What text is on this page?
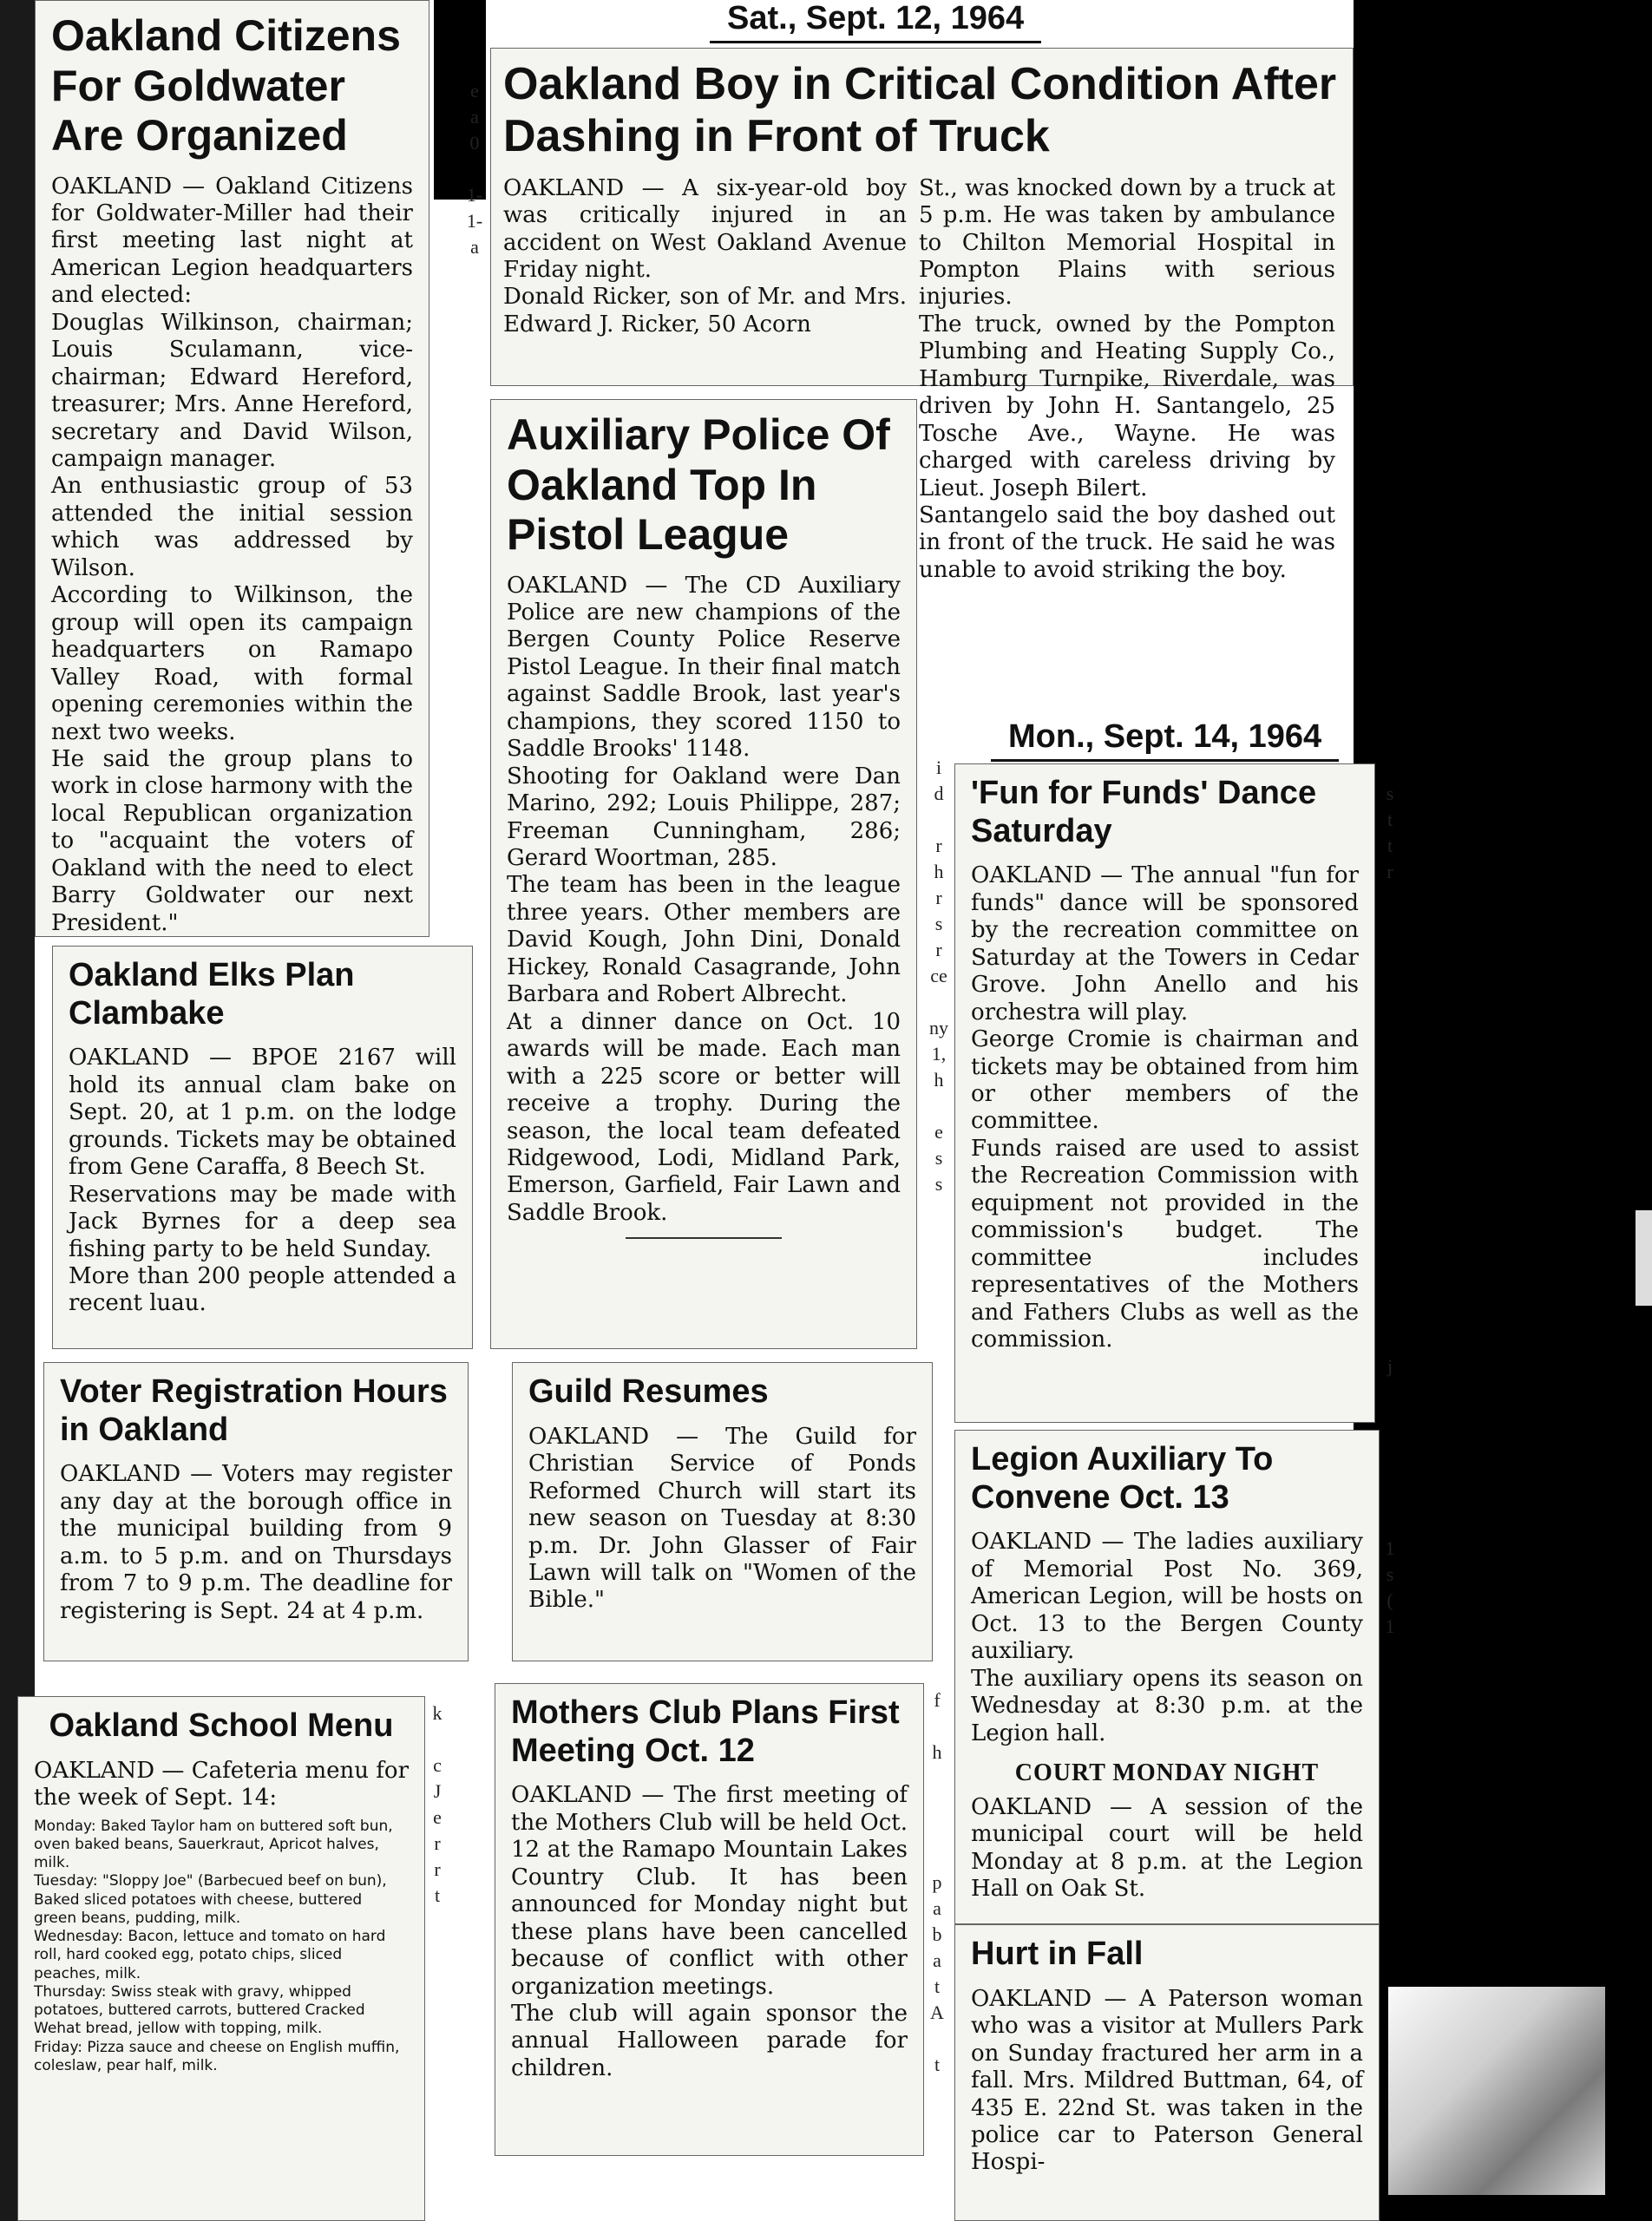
Sat., Sept. 12, 1964
Mon., Sept. 14, 1964
Oakland Citizens For Goldwater Are Organized

OAKLAND — Oakland Citizens for Goldwater-Miller had their first meeting last night at American Legion headquarters and elected:
Douglas Wilkinson, chairman; Louis Sculamann, vice-chairman; Edward Hereford, treasurer; Mrs. Anne Hereford, secretary and David Wilson, campaign manager.
An enthusiastic group of 53 attended the initial session which was addressed by Wilson.
According to Wilkinson, the group will open its campaign headquarters on Ramapo Valley Road, with formal opening ceremonies within the next two weeks.
He said the group plans to work in close harmony with the local Republican organization to "acquaint the voters of Oakland with the need to elect Barry Goldwater our next President."

Oakland Boy in Critical Condition After Dashing in Front of Truck

OAKLAND — A six-year-old boy was critically injured in an accident on West Oakland Avenue Friday night.
Donald Ricker, son of Mr. and Mrs. Edward J. Ricker, 50 Acorn

St., was knocked down by a truck at 5 p.m. He was taken by ambulance to Chilton Memorial Hospital in Pompton Plains with serious injuries.
The truck, owned by the Pompton Plumbing and Heating Supply Co., Hamburg Turnpike, Riverdale, was driven by John H. Santangelo, 25 Tosche Ave., Wayne. He was charged with careless driving by Lieut. Joseph Bilert.
Santangelo said the boy dashed out in front of the truck. He said he was unable to avoid striking the boy.

Auxiliary Police Of Oakland Top In Pistol League

OAKLAND — The CD Auxiliary Police are new champions of the Bergen County Police Reserve Pistol League. In their final match against Saddle Brook, last year's champions, they scored 1150 to Saddle Brooks' 1148.
Shooting for Oakland were Dan Marino, 292; Louis Philippe, 287; Freeman Cunningham, 286; Gerard Woortman, 285.
The team has been in the league three years. Other members are David Kough, John Dini, Donald Hickey, Ronald Casagrande, John Barbara and Robert Albrecht.
At a dinner dance on Oct. 10 awards will be made. Each man with a 225 score or better will receive a trophy. During the season, the local team defeated Ridgewood, Lodi, Midland Park, Emerson, Garfield, Fair Lawn and Saddle Brook.

Oakland Elks Plan Clambake

OAKLAND — BPOE 2167 will hold its annual clam bake on Sept. 20, at 1 p.m. on the lodge grounds. Tickets may be obtained from Gene Caraffa, 8 Beech St.
Reservations may be made with Jack Byrnes for a deep sea fishing party to be held Sunday.
More than 200 people attended a recent luau.

'Fun for Funds' Dance Saturday

OAKLAND — The annual "fun for funds" dance will be sponsored by the recreation committee on Saturday at the Towers in Cedar Grove. John Anello and his orchestra will play.
George Cromie is chairman and tickets may be obtained from him or other members of the committee.
Funds raised are used to assist the Recreation Commission with equipment not provided in the commission's budget. The committee includes representatives of the Mothers and Fathers Clubs as well as the commission.

Voter Registration Hours in Oakland

OAKLAND — Voters may register any day at the borough office in the municipal building from 9 a.m. to 5 p.m. and on Thursdays from 7 to 9 p.m. The deadline for registering is Sept. 24 at 4 p.m.

Guild Resumes

OAKLAND — The Guild for Christian Service of Ponds Reformed Church will start its new season on Tuesday at 8:30 p.m. Dr. John Glasser of Fair Lawn will talk on "Women of the Bible."

Legion Auxiliary To Convene Oct. 13

OAKLAND — The ladies auxiliary of Memorial Post No. 369, American Legion, will be hosts on Oct. 13 to the Bergen County auxiliary.
The auxiliary opens its season on Wednesday at 8:30 p.m. at the Legion hall.

COURT MONDAY NIGHT

OAKLAND — A session of the municipal court will be held Monday at 8 p.m. at the Legion Hall on Oak St.

Hurt in Fall

OAKLAND — A Paterson woman who was a visitor at Mullers Park on Sunday fractured her arm in a fall. Mrs. Mildred Buttman, 64, of 435 E. 22nd St. was taken in the police car to Paterson General Hospi-

Oakland School Menu

OAKLAND — Cafeteria menu for the week of Sept. 14:

Monday: Baked Taylor ham on buttered soft bun, oven baked beans, Sauerkraut, Apricot halves, milk.
Tuesday: "Sloppy Joe" (Barbecued beef on bun), Baked sliced potatoes with cheese, buttered green beans, pudding, milk.
Wednesday: Bacon, lettuce and tomato on hard roll, hard cooked egg, potato chips, sliced peaches, milk.
Thursday: Swiss steak with gravy, whipped potatoes, buttered carrots, buttered Cracked Wehat bread, jellow with topping, milk.
Friday: Pizza sauce and cheese on English muffin, coleslaw, pear half, milk.

Mothers Club Plans First Meeting Oct. 12

OAKLAND — The first meeting of the Mothers Club will be held Oct. 12 at the Ramapo Mountain Lakes Country Club. It has been announced for Monday night but these plans have been cancelled because of conflict with other organization meetings.
The club will again sponsor the annual Halloween parade for children.

e
a
0

1-
1-
a
i
d

r
h
r
s
r
ce

ny
1,
h

e
s
s
s
t
t
r

j

1
s
(
1
k

c
J
e
r
r
t
f

h

p
a
b
a
t
A

t
